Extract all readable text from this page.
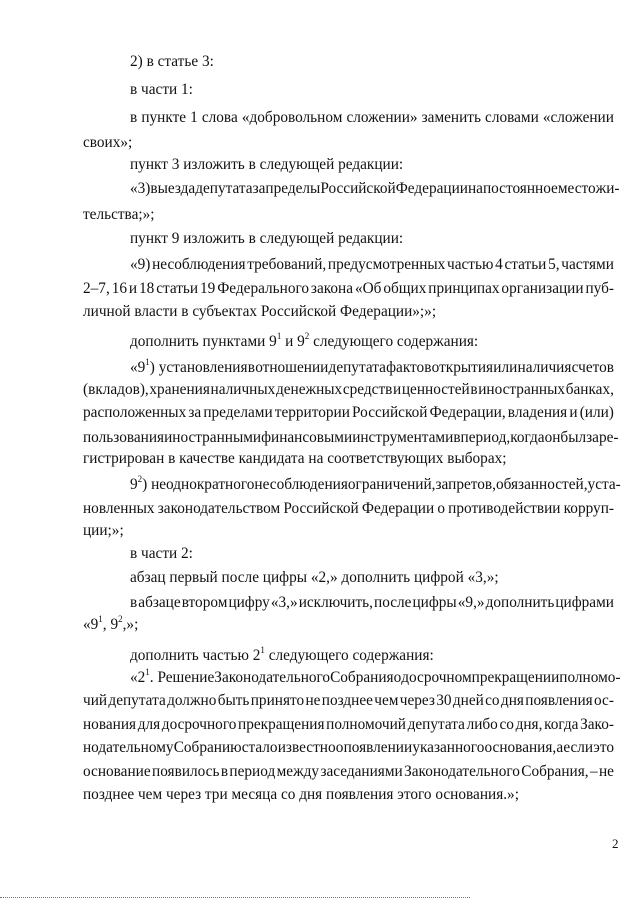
2) в статье 3:
в части 1:
в пункте 1 слова «добровольном сложении» заменить словами «сложении
своих»;
пункт 3 изложить в следующей редакции:
«3) выезда депутата за пределы Российской Федерации на постоянное место жи-
тельства;»;
пункт 9 изложить в следующей редакции:
«9) несоблюдения требований, предусмотренных частью 4 статьи 5, частями
2–7, 16 и 18 статьи 19 Федерального закона «Об общих принципах организации пуб-
личной власти в субъектах Российской Федерации»;»;
дополнить пунктами $9^1$ и $9^2$ следующего содержания:
«$9^1$) установления в отношении депутата фактов открытия или наличия счетов
(вкладов), хранения наличных денежных средств и ценностей в иностранных банках,
расположенных за пределами территории Российской Федерации, владения и (или)
пользования иностранными финансовыми инструментами в период, когда он был заре-
гистрирован в качестве кандидата на соответствующих выборах;
$9^2$) неоднократного несоблюдения ограничений, запретов, обязанностей, уста-
новленных законодательством Российской Федерации о противодействии корруп-
ции;»;
в части 2:
абзац первый после цифры «2,» дополнить цифрой «3,»;
в абзаце втором цифру «3,» исключить, после цифры «9,» дополнить цифрами
«$9^1$, $9^2$,»;
дополнить частью $2^1$ следующего содержания:
«$2^1$. Решение Законодательного Собрания о досрочном прекращении полномо-
чий депутата должно быть принято не позднее чем через 30 дней со дня появления ос-
нования для досрочного прекращения полномочий депутата либо со дня, когда Зако-
нодательному Собранию стало известно о появлении указанного основания, а если это
основание появилось в период между заседаниями Законодательного Собрания, – не
позднее чем через три месяца со дня появления этого основания.»;
2
